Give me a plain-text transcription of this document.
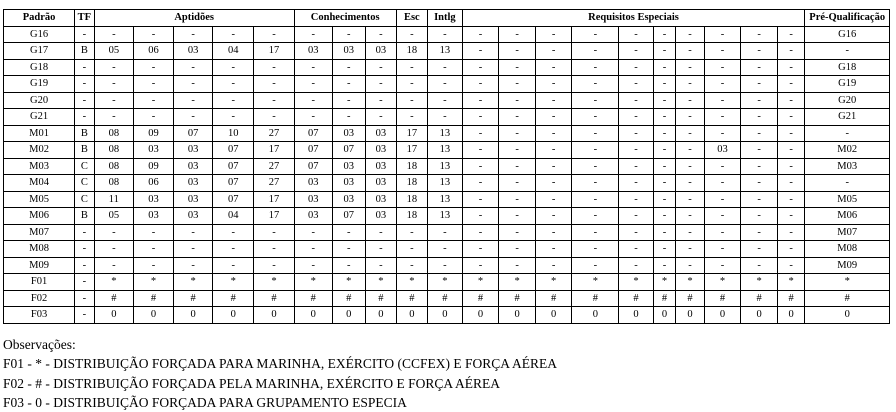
Padrão	TF	Aptidões					Conhecimentos			Esc	Intlg	Requisitos Especiais										Pré-Qualificação
G16	-	-	-	-	-	-	-	-	-	-	-	-	-	-	-	-	-	-	-	-	-	G16
G17	B	05	06	03	04	17	03	03	03	18	13	-	-	-	-	-	-	-	-	-	-	-
G18	-	-	-	-	-	-	-	-	-	-	-	-	-	-	-	-	-	-	-	-	-	G18
G19	-	-	-	-	-	-	-	-	-	-	-	-	-	-	-	-	-	-	-	-	-	G19
G20	-	-	-	-	-	-	-	-	-	-	-	-	-	-	-	-	-	-	-	-	-	G20
G21	-	-	-	-	-	-	-	-	-	-	-	-	-	-	-	-	-	-	-	-	-	G21
M01	B	08	09	07	10	27	07	03	03	17	13	-	-	-	-	-	-	-	-	-	-	-
M02	B	08	03	03	07	17	07	07	03	17	13	-	-	-	-	-	-	-	03	-	-	M02
M03	C	08	09	03	07	27	07	03	03	18	13	-	-	-	-	-	-	-	-	-	-	M03
M04	C	08	06	03	07	27	03	03	03	18	13	-	-	-	-	-	-	-	-	-	-	-
M05	C	11	03	03	07	17	03	03	03	18	13	-	-	-	-	-	-	-	-	-	-	M05
M06	B	05	03	03	04	17	03	07	03	18	13	-	-	-	-	-	-	-	-	-	-	M06
M07	-	-	-	-	-	-	-	-	-	-	-	-	-	-	-	-	-	-	-	-	-	M07
M08	-	-	-	-	-	-	-	-	-	-	-	-	-	-	-	-	-	-	-	-	-	M08
M09	-	-	-	-	-	-	-	-	-	-	-	-	-	-	-	-	-	-	-	-	-	M09
F01	-	*	*	*	*	*	*	*	*	*	*	*	*	*	*	*	*	*	*	*	*	*
F02	-	#	#	#	#	#	#	#	#	#	#	#	#	#	#	#	#	#	#	#	#	#
F03	-	0	0	0	0	0	0	0	0	0	0	0	0	0	0	0	0	0	0	0	0	0
Observações:
F01 - * - DISTRIBUIÇÃO FORÇADA PARA MARINHA, EXÉRCITO (CCFEX) E FORÇA AÉREA
F02 - # - DISTRIBUIÇÃO FORÇADA PELA MARINHA, EXÉRCITO E FORÇA AÉREA
F03 - 0 - DISTRIBUIÇÃO FORÇADA PARA GRUPAMENTO ESPECIA
